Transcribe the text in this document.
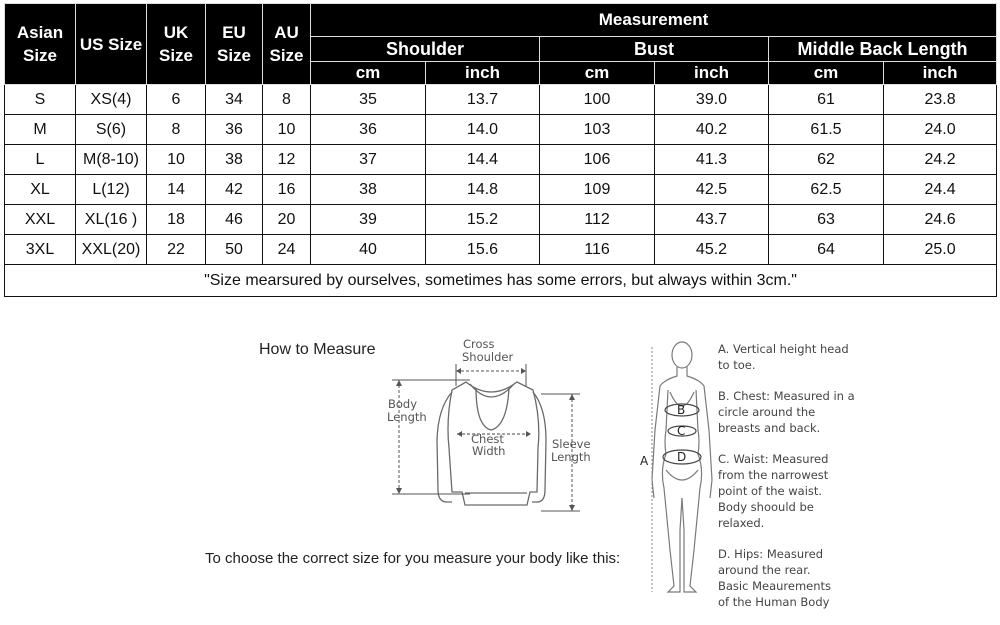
Asian Size	US Size	UK Size	EU Size	AU Size	Measurement					
					Shoulder		Bust		Middle Back Length	
					cm	inch	cm	inch	cm	inch
S	XS(4)	6	34	8	35	13.7	100	39.0	61	23.8
M	S(6)	8	36	10	36	14.0	103	40.2	61.5	24.0
L	M(8-10)	10	38	12	37	14.4	106	41.3	62	24.2
XL	L(12)	14	42	16	38	14.8	109	42.5	62.5	24.4
XXL	XL(16 )	18	46	20	39	15.2	112	43.7	63	24.6
3XL	XXL(20)	22	50	24	40	15.6	116	45.2	64	25.0
"Size mearsured by ourselves, sometimes has some errors, but always within 3cm."										
How to Measure	Cross
Shoulder
Body
Length
Chest
Width	Sleeve
Length	A
B
C
D
To choose the correct size for you measure your body like this:
A. Vertical height head
to toe.
B. Chest: Measured in a
circle around the
breasts and back.
C. Waist: Measured
from the narrowest
point of the waist.
Body shoould be
relaxed.
D. Hips: Measured
around the rear.
Basic Meaurements
of the Human Body
